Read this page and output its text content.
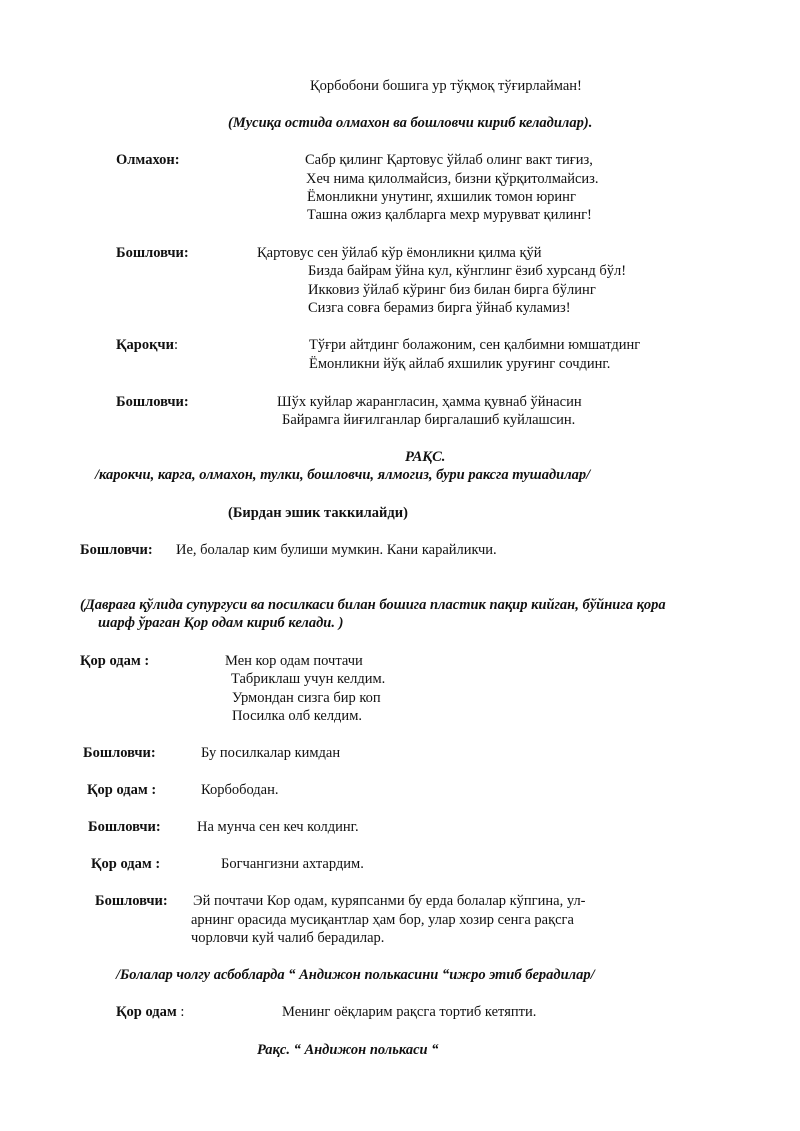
Қорбобони бошига ур тўқмоқ тўғирлайман!
(Мусиқа остида олмахон ва бошловчи кириб келадилар).
Олмахон:	Сабр қилинг Қартовус ўйлаб олинг вакт тиғиз,
Хеч нима қилолмайсиз, бизни қўрқитолмайсиз.
Ёмонликни унутинг, яхшилик томон юринг
Ташна ожиз қалбларга мехр мурувват қилинг!
Бошловчи:	Қартовус сен ўйлаб кўр ёмонликни қилма қўй
Бизда байрам ўйна кул, кўнглинг ёзиб хурсанд бўл!
Икковиз ўйлаб кўринг биз билан бирга бўлинг
Сизга совға берамиз бирга ўйнаб куламиз!
Қароқчи:	Тўғри айтдинг болажоним, сен қалбимни юмшатдинг
Ёмонликни йўқ айлаб яхшилик уруғинг сочдинг.
Бошловчи:	Шўх куйлар жарангласин, ҳамма қувнаб ўйнасин
Байрамга йиғилганлар биргалашиб куйлашсин.
РАҚС.
/карокчи, карга, олмахон, тулки, бошловчи, ялмогиз, бури раксга тушадилар/
(Бирдан эшик таккилайди)
Бошловчи: Ие, болалар ким булиши мумкин. Кани карайликчи.
(Давраға қўлида супургуси ва посилкаси билан бошига пластик пақир кийган, бўйнига қора
шарф ўраган Қор одам кириб келади. )
Қор одам :	Мен кор одам почтачи
Табриклаш учун келдим.
Урмондан сизга бир коп
Посилка олб келдим.
Бошловчи:	Бу посилкалар кимдан
Қор одам :	Корбободан.
Бошловчи:	На мунча сен кеч колдинг.
Қор одам :	Богчангизни ахтардим.
Бошловчи: Эй почтачи Кор одам, куряпсанми бу ерда болалар кўпгина, ул-
арнинг орасида мусиқантлар ҳам бор, улар хозир сенга рақсга
чорловчи куй чалиб берадилар.
/Болалар чолгу асбобларда “ Андижон полькасини “ижро этиб берадилар/
Қор одам :	Менинг оёқларим рақсга тортиб кетяпти.
Рақс. “ Андижон полькаси “
